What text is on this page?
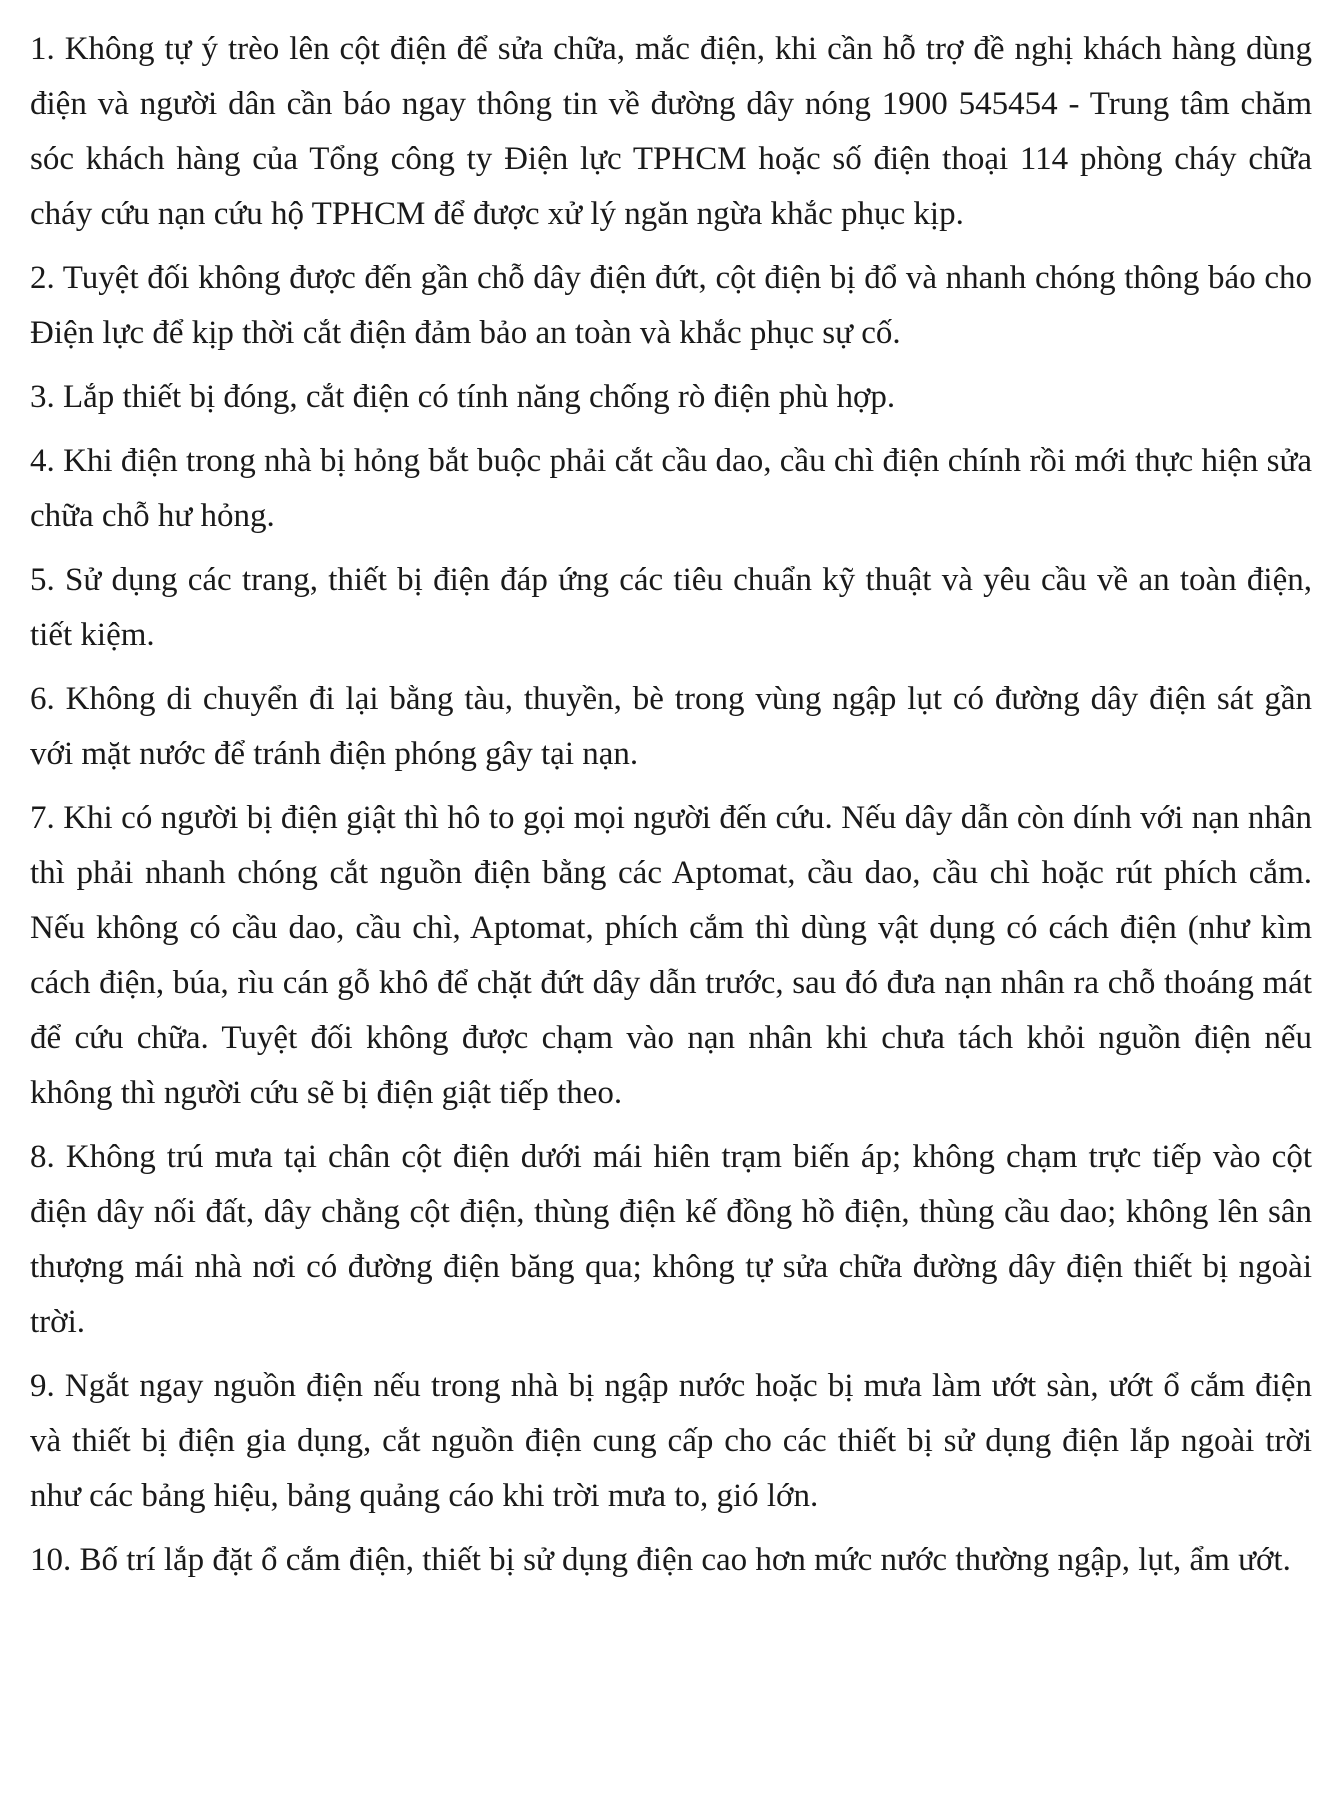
1. Không tự ý trèo lên cột điện để sửa chữa, mắc điện, khi cần hỗ trợ đề nghị khách hàng dùng điện và người dân cần báo ngay thông tin về đường dây nóng 1900 545454 - Trung tâm chăm sóc khách hàng của Tổng công ty Điện lực TPHCM hoặc số điện thoại 114 phòng cháy chữa cháy cứu nạn cứu hộ TPHCM để được xử lý ngăn ngừa khắc phục kịp.

2. Tuyệt đối không được đến gần chỗ dây điện đứt, cột điện bị đổ và nhanh chóng thông báo cho Điện lực để kịp thời cắt điện đảm bảo an toàn và khắc phục sự cố.

3. Lắp thiết bị đóng, cắt điện có tính năng chống rò điện phù hợp.

4. Khi điện trong nhà bị hỏng bắt buộc phải cắt cầu dao, cầu chì điện chính rồi mới thực hiện sửa chữa chỗ hư hỏng.

5. Sử dụng các trang, thiết bị điện đáp ứng các tiêu chuẩn kỹ thuật và yêu cầu về an toàn điện, tiết kiệm.

6. Không di chuyển đi lại bằng tàu, thuyền, bè trong vùng ngập lụt có đường dây điện sát gần với mặt nước để tránh điện phóng gây tại nạn.

7. Khi có người bị điện giật thì hô to gọi mọi người đến cứu. Nếu dây dẫn còn dính với nạn nhân thì phải nhanh chóng cắt nguồn điện bằng các Aptomat, cầu dao, cầu chì hoặc rút phích cắm. Nếu không có cầu dao, cầu chì, Aptomat, phích cắm thì dùng vật dụng có cách điện (như kìm cách điện, búa, rìu cán gỗ khô để chặt đứt dây dẫn trước, sau đó đưa nạn nhân ra chỗ thoáng mát để cứu chữa. Tuyệt đối không được chạm vào nạn nhân khi chưa tách khỏi nguồn điện nếu không thì người cứu sẽ bị điện giật tiếp theo.

8. Không trú mưa tại chân cột điện dưới mái hiên trạm biến áp; không chạm trực tiếp vào cột điện dây nối đất, dây chằng cột điện, thùng điện kế đồng hồ điện, thùng cầu dao; không lên sân thượng mái nhà nơi có đường điện băng qua; không tự sửa chữa đường dây điện thiết bị ngoài trời.

9. Ngắt ngay nguồn điện nếu trong nhà bị ngập nước hoặc bị mưa làm ướt sàn, ướt ổ cắm điện và thiết bị điện gia dụng, cắt nguồn điện cung cấp cho các thiết bị sử dụng điện lắp ngoài trời như các bảng hiệu, bảng quảng cáo khi trời mưa to, gió lớn.

10. Bố trí lắp đặt ổ cắm điện, thiết bị sử dụng điện cao hơn mức nước thường ngập, lụt, ẩm ướt.
